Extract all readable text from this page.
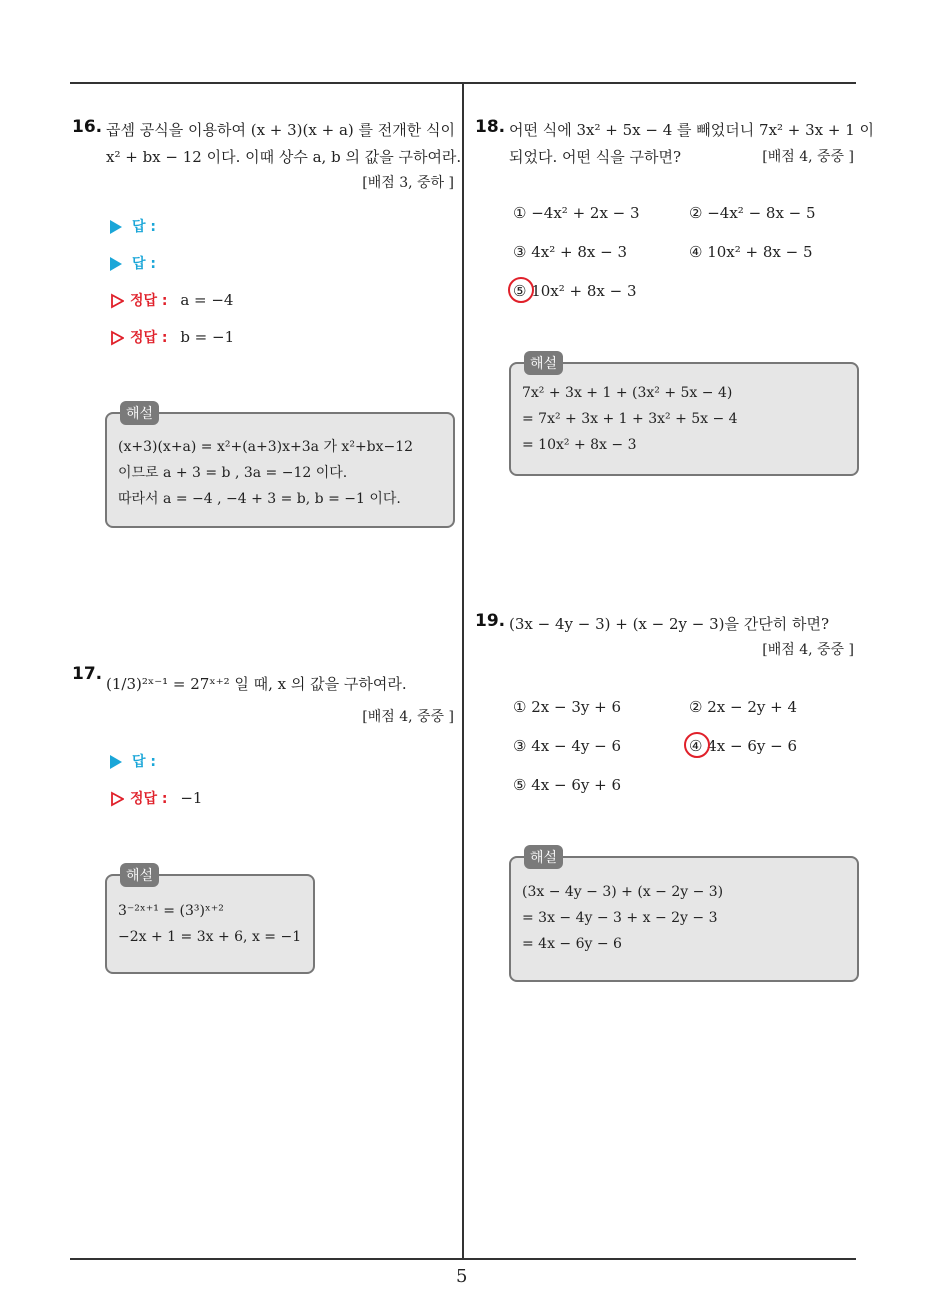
5
16. 곱셈 공식을 이용하여 (x + 3)(x + a) 를 전개한 식이
x² + bx − 12 이다. 이때 상수 a, b 의 값을 구하여라.
[배점 3, 중하 ]
답 :
답 :
정답 : a = −4
정답 : b = −1
해설
(x+3)(x+a) = x²+(a+3)x+3a 가 x²+bx−12
이므로 a + 3 = b , 3a = −12 이다.
따라서 a = −4 , −4 + 3 = b, b = −1 이다.
17. (1/3)²ˣ⁻¹ = 27ˣ⁺² 일 때, x 의 값을 구하여라.
[배점 4, 중중 ]
답 :
정답 : −1
해설
3⁻²ˣ⁺¹ = (3³)ˣ⁺²
−2x + 1 = 3x + 6, x = −1
18. 어떤 식에 3x² + 5x − 4 를 빼었더니 7x² + 3x + 1 이
되었다. 어떤 식을 구하면?	[배점 4, 중중 ]
① −4x² + 2x − 3	② −4x² − 8x − 5
③ 4x² + 8x − 3	④ 10x² + 8x − 5
⑤ 10x² + 8x − 3
해설
7x² + 3x + 1 + (3x² + 5x − 4)
= 7x² + 3x + 1 + 3x² + 5x − 4
= 10x² + 8x − 3
19. (3x − 4y − 3) + (x − 2y − 3)을 간단히 하면?
[배점 4, 중중 ]
① 2x − 3y + 6	② 2x − 2y + 4
③ 4x − 4y − 6	④ 4x − 6y − 6
⑤ 4x − 6y + 6
해설
(3x − 4y − 3) + (x − 2y − 3)
= 3x − 4y − 3 + x − 2y − 3
= 4x − 6y − 6
